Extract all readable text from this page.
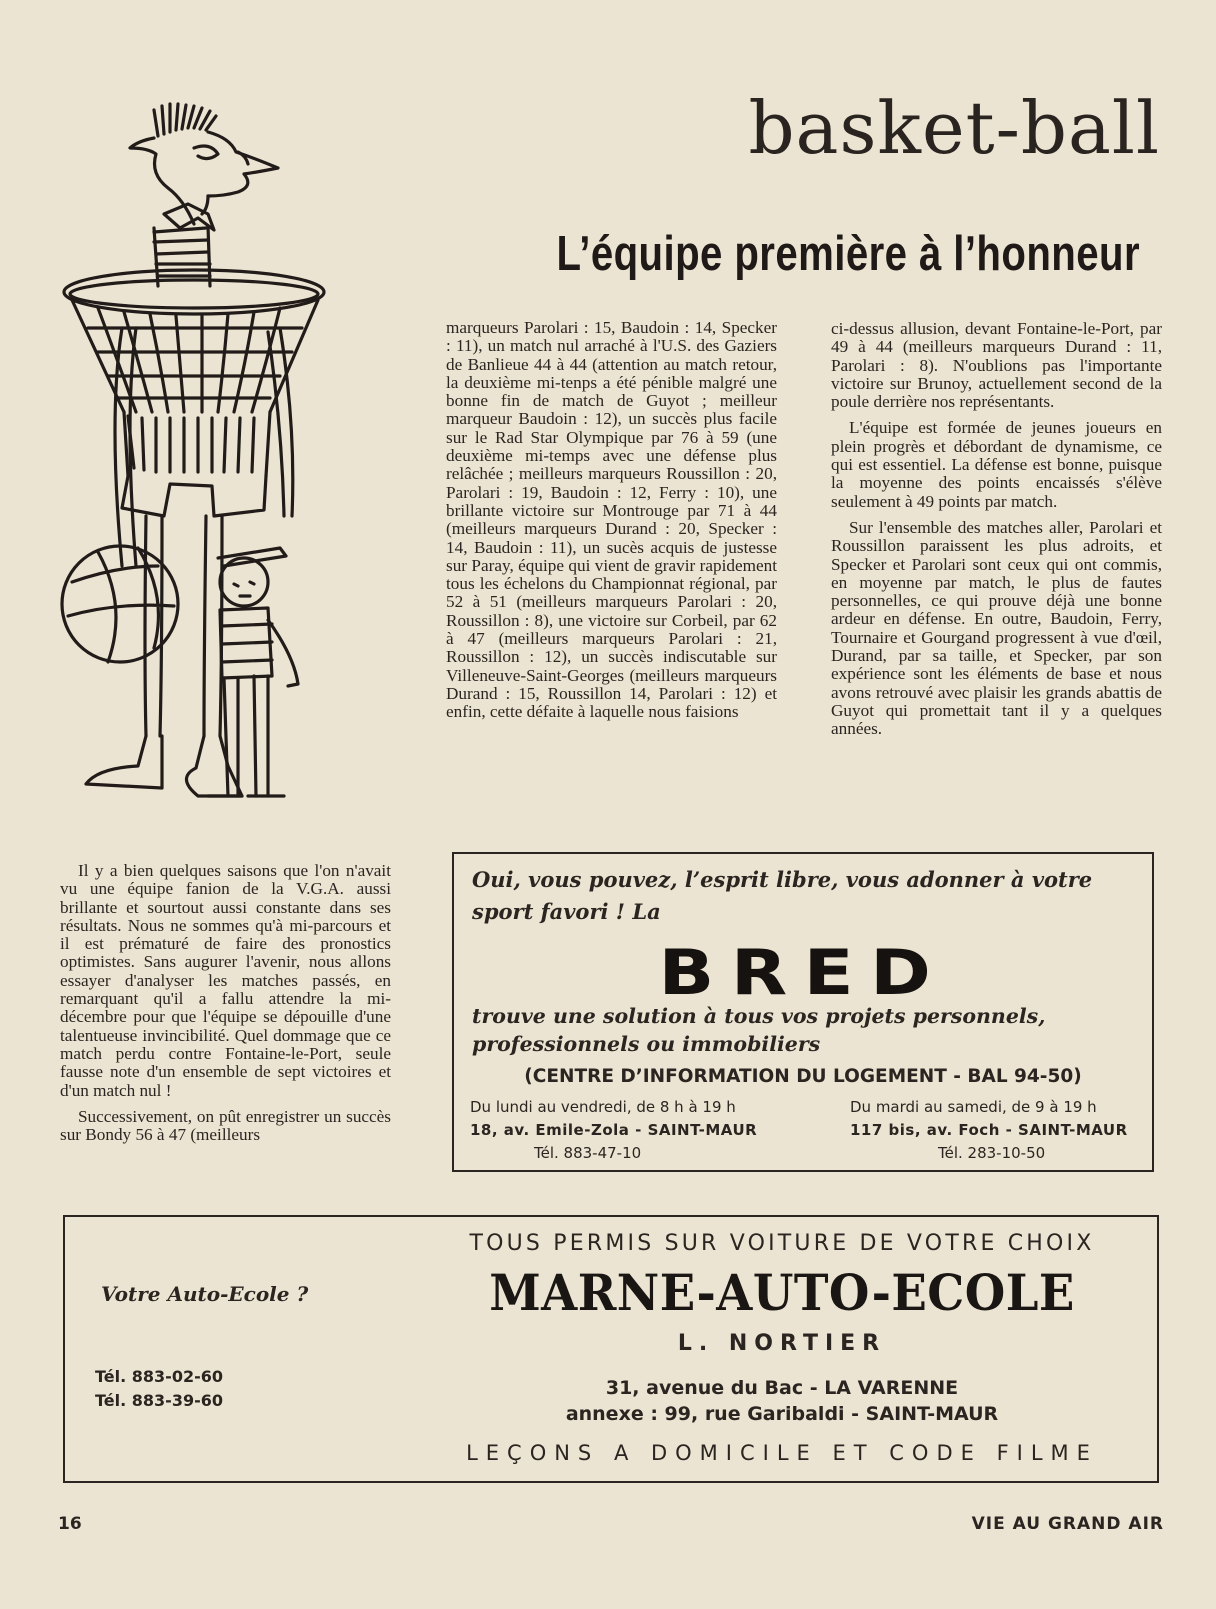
basket-ball
L’équipe première à l’honneur

marqueurs Parolari : 15, Baudoin : 14, Specker : 11), un match nul arraché à l'U.S. des Gaziers de Banlieue 44 à 44 (attention au match retour, la deuxième mi-tenps a été pénible malgré une bonne fin de match de Guyot ; meilleur marqueur Baudoin : 12), un succès plus facile sur le Rad Star Olympique par 76 à 59 (une deuxième mi-temps avec une défense plus relâchée ; meilleurs marqueurs Roussillon : 20, Parolari : 19, Baudoin : 12, Ferry : 10), une brillante victoire sur Montrouge par 71 à 44 (meilleurs marqueurs Durand : 20, Specker : 14, Baudoin : 11), un sucès acquis de justesse sur Paray, équipe qui vient de gravir rapidement tous les échelons du Championnat régional, par 52 à 51 (meilleurs marqueurs Parolari : 20, Roussillon : 8), une victoire sur Corbeil, par 62 à 47 (meilleurs marqueurs Parolari : 21, Roussillon : 12), un succès indiscutable sur Villeneuve-Saint-Georges (meilleurs marqueurs Durand : 15, Roussillon 14, Parolari : 12) et enfin, cette défaite à laquelle nous faisions

ci-dessus allusion, devant Fontaine-le-Port, par 49 à 44 (meilleurs marqueurs Durand : 11, Parolari : 8). N'oublions pas l'importante victoire sur Brunoy, actuellement second de la poule derrière nos représentants.

L'équipe est formée de jeunes joueurs en plein progrès et débordant de dynamisme, ce qui est essentiel. La défense est bonne, puisque la moyenne des points encaissés s'élève seulement à 49 points par match.

Sur l'ensemble des matches aller, Parolari et Roussillon paraissent les plus adroits, et Specker et Parolari sont ceux qui ont commis, en moyenne par match, le plus de fautes personnelles, ce qui prouve déjà une bonne ardeur en défense. En outre, Baudoin, Ferry, Tournaire et Gourgand progressent à vue d'œil, Durand, par sa taille, et Specker, par son expérience sont les éléments de base et nous avons retrouvé avec plaisir les grands abattis de Guyot qui promettait tant il y a quelques années.

Il y a bien quelques saisons que l'on n'avait vu une équipe fanion de la V.G.A. aussi brillante et sourtout aussi constante dans ses résultats. Nous ne sommes qu'à mi-parcours et il est prématuré de faire des pronostics optimistes. Sans augurer l'avenir, nous allons essayer d'analyser les matches passés, en remarquant qu'il a fallu attendre la mi-décembre pour que l'équipe se dépouille d'une talentueuse invincibilité. Quel dommage que ce match perdu contre Fontaine-le-Port, seule fausse note d'un ensemble de sept victoires et d'un match nul !

Successivement, on pût enregistrer un succès sur Bondy 56 à 47 (meilleurs

Oui, vous pouvez, l’esprit libre, vous adonner à votre sport favori ! La
BRED
trouve une solution à tous vos projets personnels, professionnels ou immobiliers
(CENTRE D’INFORMATION DU LOGEMENT - BAL 94-50)
Du lundi au vendredi, de 8 h à 19 h
18, av. Emile-Zola - SAINT-MAUR
Tél. 883-47-10
Du mardi au samedi, de 9 à 19 h
117 bis, av. Foch - SAINT-MAUR
Tél. 283-10-50
Votre Auto-Ecole ?
Tél. 883-02-60
Tél. 883-39-60
TOUS PERMIS SUR VOITURE DE VOTRE CHOIX
MARNE-AUTO-ECOLE
L. NORTIER
31, avenue du Bac - LA VARENNE
annexe : 99, rue Garibaldi - SAINT-MAUR
LEÇONS A DOMICILE ET CODE FILME
16	VIE AU GRAND AIR
